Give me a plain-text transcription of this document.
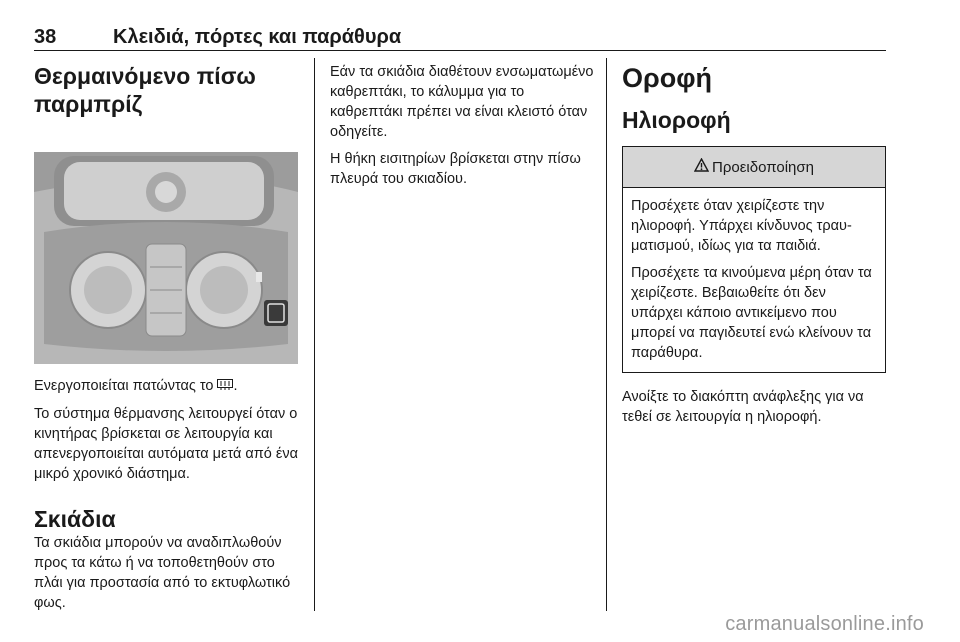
38	Κλειδιά, πόρτες και παράθυρα
Θερμαινόμενο πίσω παρμπρίζ

Ενεργοποιείται πατώντας το .

Το σύστημα θέρμανσης λειτουργεί όταν ο κινητήρας βρίσκεται σε λειτουργία και απενεργοποιείται αυτόματα μετά από ένα μικρό χρονικό διάστημα.

Σκιάδια

Τα σκιάδια μπορούν να αναδιπλωθούν προς τα κάτω ή να τοποθετηθούν στο πλάι για προστασία από το εκτυφλωτικό φως.

Εάν τα σκιάδια διαθέτουν ενσωματωμένο καθρεπτάκι, το κάλυμμα για το καθρεπτάκι πρέπει να είναι κλειστό όταν οδηγείτε.

Η θήκη εισιτηρίων βρίσκεται στην πίσω πλευρά του σκιαδίου.

Οροφή
Ηλιοροφή
Προειδοποίηση

Προσέχετε όταν χειρίζεστε την ηλιοροφή. Υπάρχει κίνδυνος τραυματισμού, ιδίως για τα παιδιά.

Προσέχετε τα κινούμενα μέρη όταν τα χειρίζεστε. Βεβαιωθείτε ότι δεν υπάρχει κάποιο αντικείμενο που μπορεί να παγιδευτεί ενώ κλείνουν τα παράθυρα.

Ανοίξτε το διακόπτη ανάφλεξης για να τεθεί σε λειτουργία η ηλιοροφή.

carmanualsonline.info
